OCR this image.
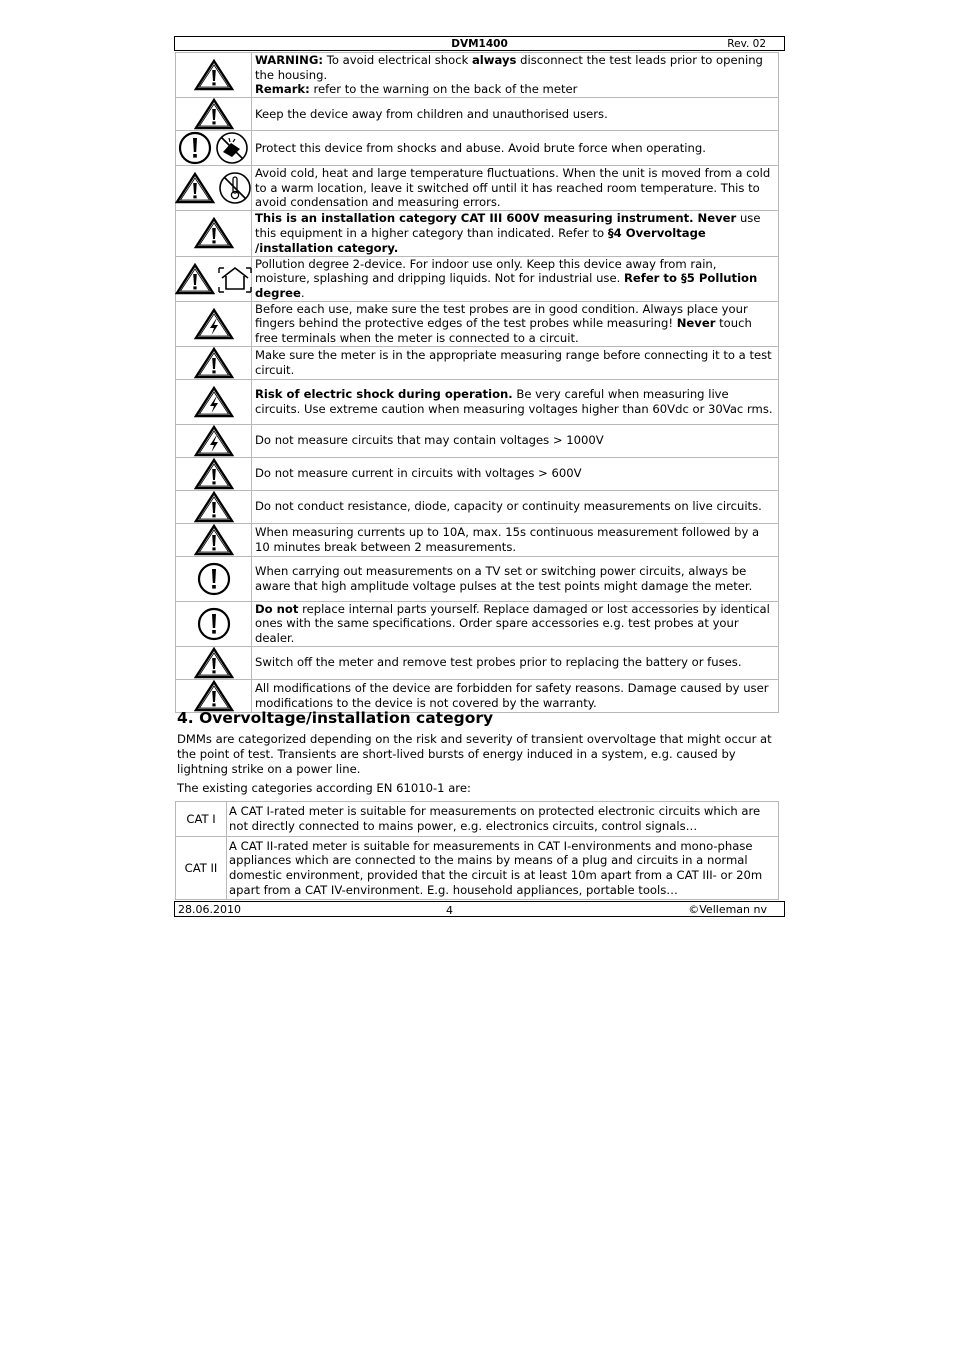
DVM1400	Rev. 02
	WARNING: To avoid electrical shock always disconnect the test leads prior to opening the housing.
Remark: refer to the warning on the back of the meter

	Keep the device away from children and unauthorised users.

	Protect this device from shocks and abuse. Avoid brute force when operating.

	Avoid cold, heat and large temperature fluctuations. When the unit is moved from a cold to a warm location, leave it switched off until it has reached room temperature. This to avoid condensation and measuring errors.

	This is an installation category CAT III 600V measuring instrument. Never use this equipment in a higher category than indicated. Refer to §4 Overvoltage /installation category.

	Pollution degree 2-device. For indoor use only. Keep this device away from rain, moisture, splashing and dripping liquids. Not for industrial use. Refer to §5 Pollution degree.

	Before each use, make sure the test probes are in good condition. Always place your fingers behind the protective edges of the test probes while measuring! Never touch free terminals when the meter is connected to a circuit.

	Make sure the meter is in the appropriate measuring range before connecting it to a test circuit.

	Risk of electric shock during operation. Be very careful when measuring live circuits. Use extreme caution when measuring voltages higher than 60Vdc or 30Vac rms.

	Do not measure circuits that may contain voltages > 1000V

	Do not measure current in circuits with voltages > 600V

	Do not conduct resistance, diode, capacity or continuity measurements on live circuits.

	When measuring currents up to 10A, max. 15s continuous measurement followed by a 10 minutes break between 2 measurements.

	When carrying out measurements on a TV set or switching power circuits, always be aware that high amplitude voltage pulses at the test points might damage the meter.

	Do not replace internal parts yourself. Replace damaged or lost accessories by identical ones with the same specifications. Order spare accessories e.g. test probes at your dealer.

	Switch off the meter and remove test probes prior to replacing the battery or fuses.

	All modifications of the device are forbidden for safety reasons. Damage caused by user modifications to the device is not covered by the warranty.
4. Overvoltage/installation category

DMMs are categorized depending on the risk and severity of transient overvoltage that might occur at the point of test. Transients are short-lived bursts of energy induced in a system, e.g. caused by lightning strike on a power line.

The existing categories according EN 61010-1 are:

CAT I	A CAT I-rated meter is suitable for measurements on protected electronic circuits which are not directly connected to mains power, e.g. electronics circuits, control signals…
CAT II	A CAT II-rated meter is suitable for measurements in CAT I-environments and mono-phase appliances which are connected to the mains by means of a plug and circuits in a normal domestic environment, provided that the circuit is at least 10m apart from a CAT III- or 20m apart from a CAT IV-environment. E.g. household appliances, portable tools…
28.06.2010	4	©Velleman nv
